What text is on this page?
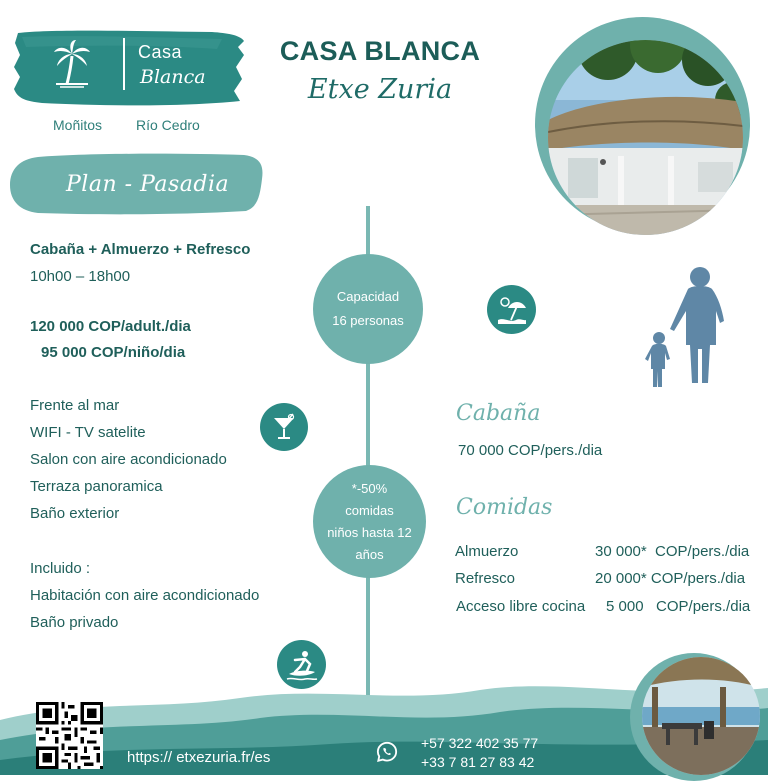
Casa
Blanca
Moñitos Río Cedro
CASA BLANCA
Etxe Zuria
Plan - Pasadia
Cabaña + Almuerzo + Refresco
10h00 – 18h00
120 000 COP/adult./dia
95 000 COP/niño/dia
Frente al mar
WIFI - TV satelite
Salon con aire acondicionado
Terraza panoramica
Baño exterior
Incluido :
Habitación con aire acondicionado
Baño privado
Capacidad
16 personas
*-50%
comidas
niños hasta 12
años
Cabaña
70 000 COP/pers./dia
Comidas
Almuerzo	30 000*  COP/pers./dia
Refresco	20 000* COP/pers./dia
Acceso libre cocina 5 000   COP/pers./dia
https:// etxezuria.fr/es
+57 322 402 35 77
+33 7 81 27 83 42
